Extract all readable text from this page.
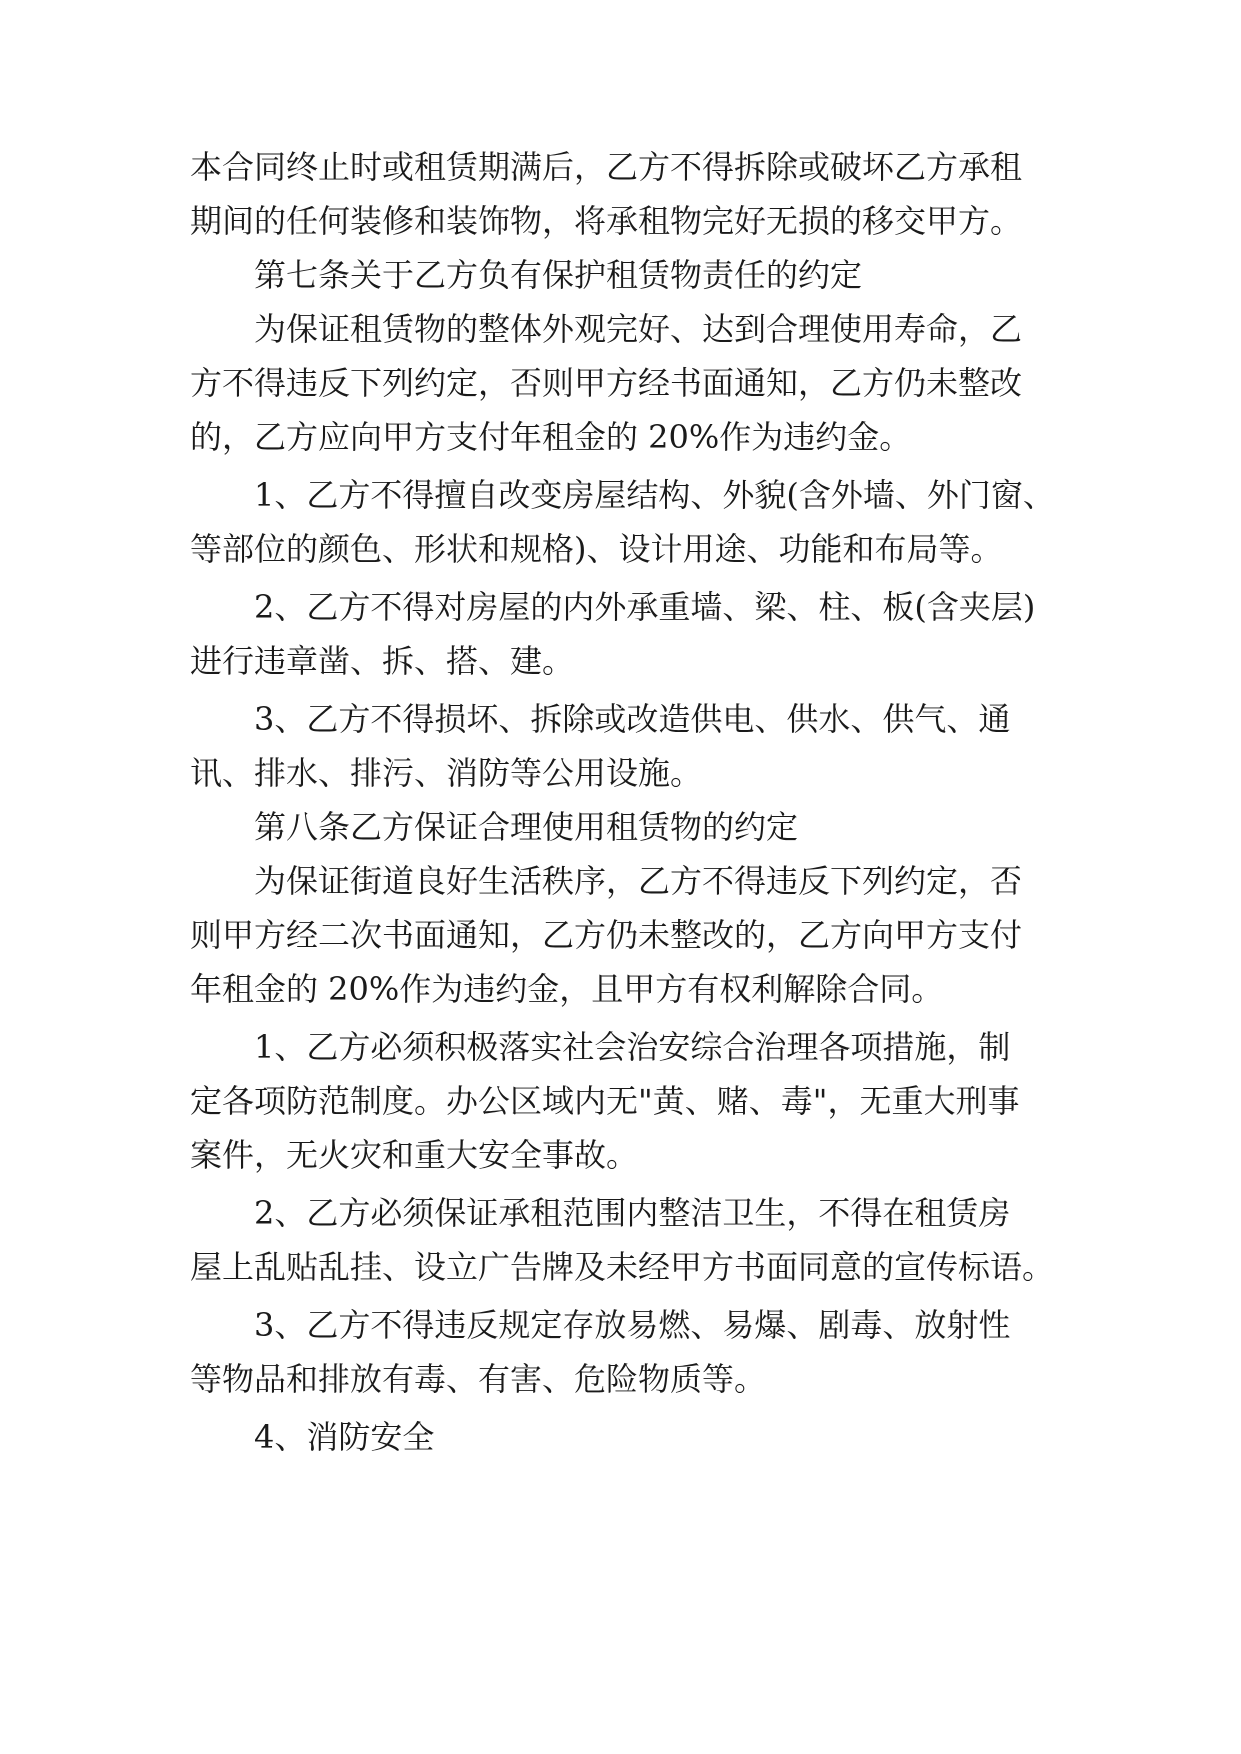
本合同终止时或租赁期满后，乙方不得拆除或破坏乙方承租
期间的任何装修和装饰物，将承租物完好无损的移交甲方。
第七条关于乙方负有保护租赁物责任的约定
为保证租赁物的整体外观完好、达到合理使用寿命，乙
方不得违反下列约定，否则甲方经书面通知，乙方仍未整改
的，乙方应向甲方支付年租金的 20%作为违约金。
1、乙方不得擅自改变房屋结构、外貌(含外墙、外门窗、
等部位的颜色、形状和规格)、设计用途、功能和布局等。
2、乙方不得对房屋的内外承重墙、梁、柱、板(含夹层)
进行违章凿、拆、搭、建。
3、乙方不得损坏、拆除或改造供电、供水、供气、通
讯、排水、排污、消防等公用设施。
第八条乙方保证合理使用租赁物的约定
为保证街道良好生活秩序，乙方不得违反下列约定，否
则甲方经二次书面通知，乙方仍未整改的，乙方向甲方支付
年租金的 20%作为违约金，且甲方有权利解除合同。
1、乙方必须积极落实社会治安综合治理各项措施，制
定各项防范制度。办公区域内无"黄、赌、毒"，无重大刑事
案件，无火灾和重大安全事故。
2、乙方必须保证承租范围内整洁卫生，不得在租赁房
屋上乱贴乱挂、设立广告牌及未经甲方书面同意的宣传标语。
3、乙方不得违反规定存放易燃、易爆、剧毒、放射性
等物品和排放有毒、有害、危险物质等。
4、消防安全
